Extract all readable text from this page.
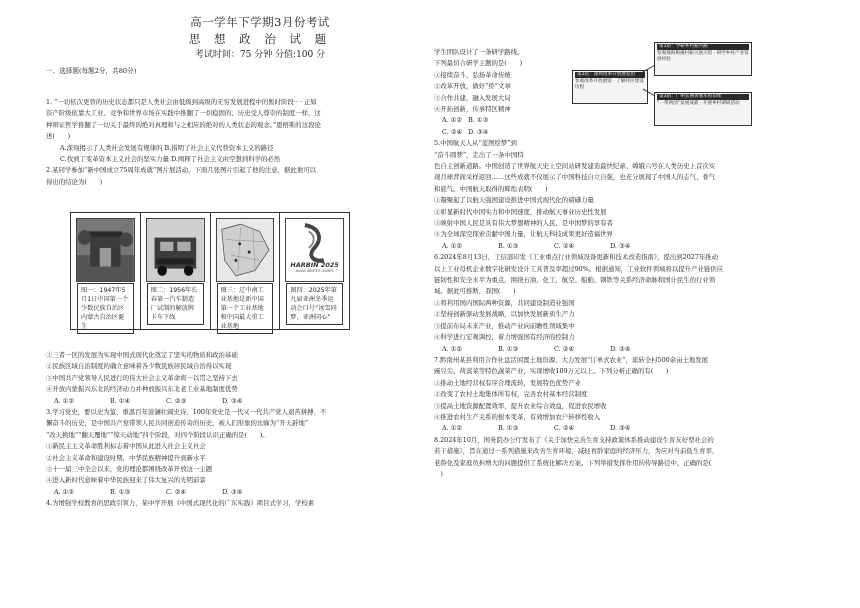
高一学年下学期3月份考试
思 想 政 治 试 题
考试时间：75 分钟 分值:100 分
一、选择题(每题2分，共80分)

1. “一切依次更替的历史状态都只是人类社会由低级到高级的无穷发展进程中的暂时阶段·· · 正如

资产阶级依靠大工业、竞争和世界市场在实践中推翻了一切稳固的、历史受人尊崇的制度一样，这

种辩证哲学推翻了一切关于最终的绝对真理和与之相应的绝对的人类状态的观念。”恩格斯的这段论

述(　　)

A.深刻揭示了人类社会发展有规律的 B.指明了社会主义代替资本主义的路径

C.找到了变革资本主义社会的坚实力量 D.阐释了社会主义由空想到科学的必然

2.某同学参加“新中国成立75周年成就”图片展活动，下面几张图片引起了他的注意，据此他可以

得出的结论为(　　)

图一：1947年5月1日中国第一个少数民族自治区内蒙古自治区诞生
图二：1956年长春第一汽车制造厂试制的解放牌卡车下线
图三：辽中南工业基地是新中国第一个工业基地和中国最大重工业基地
HARBIN 2025
ASIAN WINTER GAMES
图四：2025年第九届亚洲冬季运动会口号“冰雪同梦，亚洲同心”

①三者一区的发展为实现中国式现代化奠定了坚实的物质和政治基础

②民族区域自治制度的确立意味着各少数民族居民域自治得以实现

③中国共产党领导人民进行的伟大社会主义革命将一以贯之坚持下去

④开放内蒙振兴东北的经济动力并种放振兴东北老工业基地制度优势

A. ①②	B. ①④	C. ②③	D. ③④

3.学习党史，要以史为鉴，重温百年波澜壮阔史诗。100年党史是一代又一代共产党人艰苦拼搏、不

懈奋斗的历史，是中国共产党带领人民共同创造传奇的历史，被人们形象的比喻为“开天辟地”

“改天换地”“翻天覆地”“惊天动地”四个阶段，对四个阶段认识正确的是(　　)。

①新民主主义革命胜利标志着中国从此进入社会主义社会

②社会主义革命和建设时期，中华民族精神提升到新水平

③十一届三中全会以来，党的理论都围绕改革开放这一主题

④进入新时代意味着中华民族迎来了伟大复兴的光明前景

A. ①②	B. ①③	C. ②④	D. ③④

4.为增强学校教育的思政引领力，某中学开展《中国式现代化的广东实践》项目式学习，学校素

学生团队设计了一条研学路线。

下列最切合研学主题的是(　　)

①接续奋斗，弘扬革命传统

②改革开放，做好“侨”文章

③合作共建，融入发展大局

④开拓创新，传承特区精神

A. ①② B. ①③
C. ②④ D. ③④

5.中国航天人从“蓝图绘梦”到

“奋斗圆梦”，走出了一条中国特

第2站：深圳改革开放展览馆
参观改革开放展馆 · 了解特区建设历程
第1站：学研乡村振兴路
参观珠海梅溪村振兴展示馆 · 研学乡村产业发展经验
第3站：广州长洲黄埔军校旧址
“一带两创”发展成就 · 开展乡村调研活动

色自主创新道路。中国创造了世界航天史上空间站研发建造最快纪录、嫦娥六号在人类历史上首次实

现月球背面采样返回……这些成就不仅展示了中国科技自立自强，也充分展现了中国人的志气、骨气

和底气。中国航天取得的辉煌表明(　　)

①凝聚起了以航天强国建设推进中国式现代化的磅礴力量

②彰显新时代中国实力和中国速度，推动航天事业历史性发展

③映射中国人民是具有伟大梦想精神的人民，是中国梦的享有者

④为全球深空探索贡献中国力量，让航天科技成果更好造福世界

A. ①②	B. ①③	C. ②④	D. ③④

6.2024年8月13日，工信部印发《工业重点行业领域设备更新和技术改造指南》，提出到2027年推动

以上工业母机企业数字化研发设计工具普及率超过90%。根据通知，工业软件领域将以提升产业链供应

链韧性和安全水平为重点，围绕石油、化工、航空、船舶、钢铁等关系经济命脉和国计民生的行业领

域。据此可推断，我国(　　)

①将利用国内国际两种资源，共同建设制造业强国

②坚持创新驱动发展战略，以加快发展新质生产力

③提前布局未来产业，推动产业向前瞻性领域集中

④科学进行宏观调控，着力增强国有经济的控制力

A. ①②	B. ①③	C. ②④	D. ③④

7.黔南州某县利用合作社盘活闲置土地资源，大力发展“订单式农业”，流转全村500余亩土地发展

豌豆尖、荷蒿菜等特色蔬菜产业，实现增收109万元以上。下列分析正确的有(　　)

①推动土地经营权有序合理流转，发展特色优势产业

②改变了农村土地集体所有权，完善农村基本经营制度

③提高土地资源配置效率，提升农业综合效益，促进农民增收

④推进农村生产关系的根本变革，有效增加农户转移性收入

A. ①②	B. ①③	C. ②④	D. ③④

8.2024年10月，国务院办公厅发布了《关于加快完善生育支持政策体系推动建设生育友好型社会的

若干措施》，旨在通过一系列措施来改善生育环境，减轻育龄家庭的经济压力，为应对当前低生育率、

老龄化及家庭负担增大的问题提供了系统化解决方案。下列举措发挥作用的传导路径中，正确的是(

　)
